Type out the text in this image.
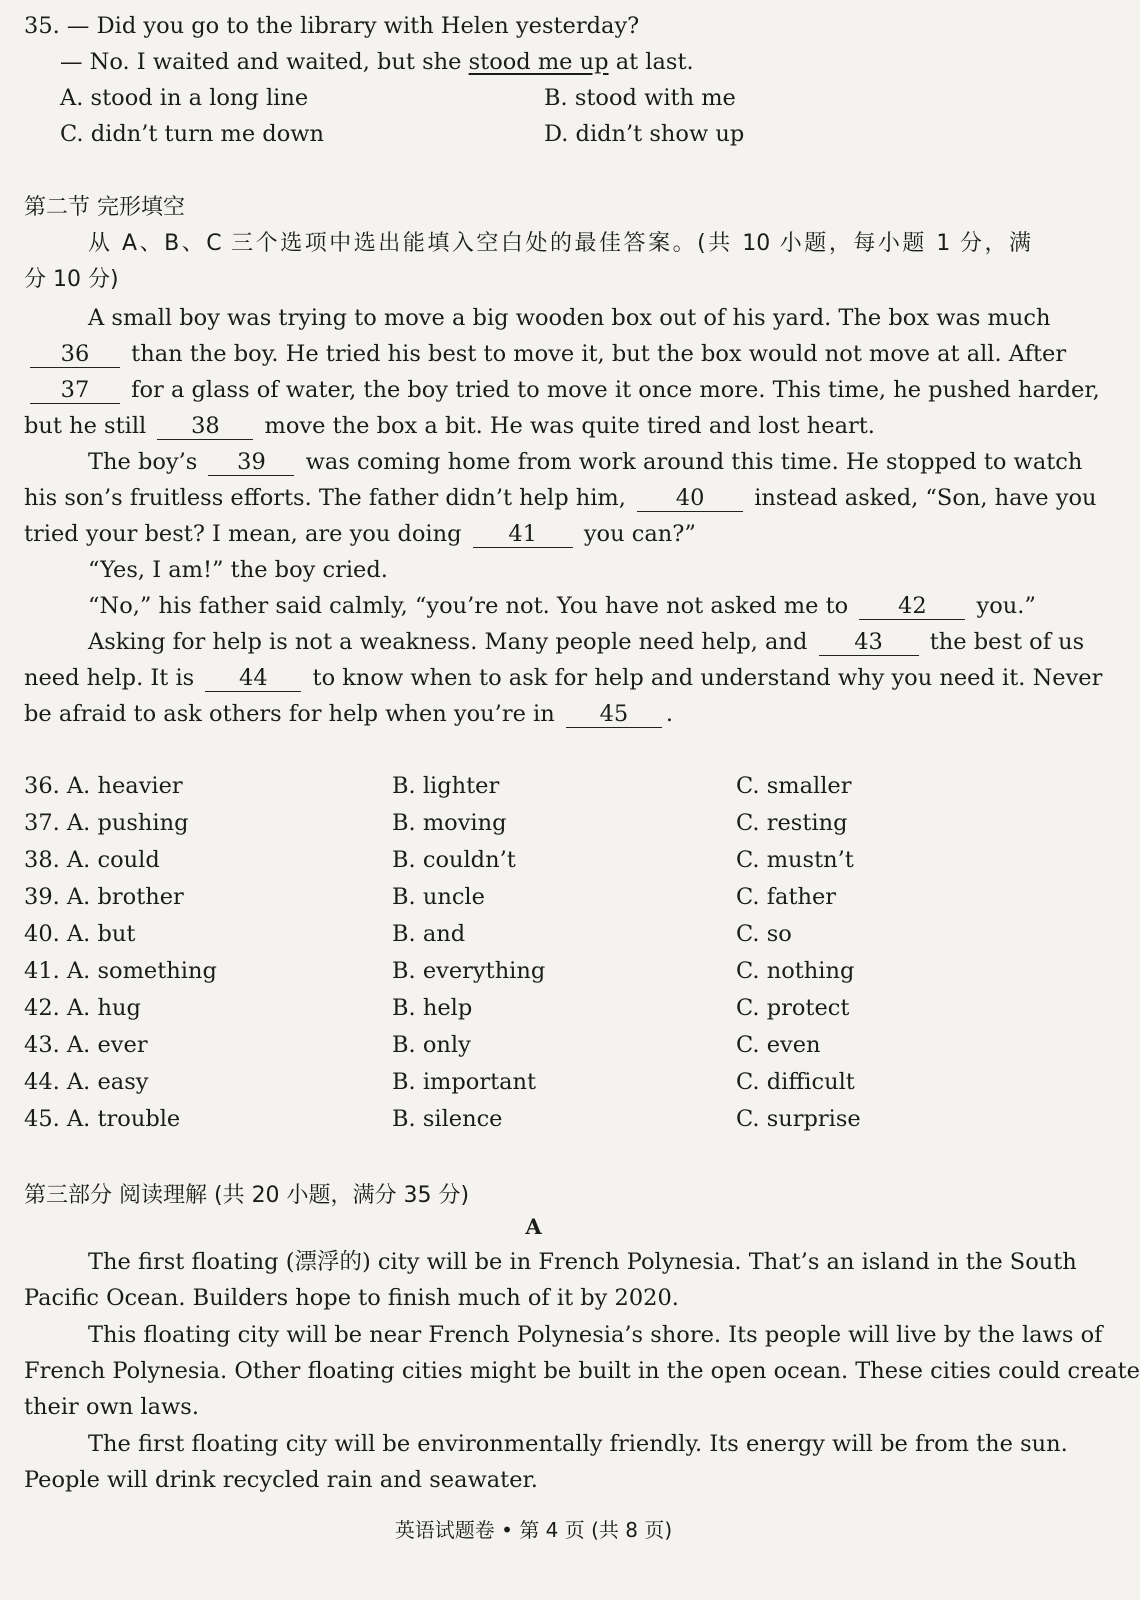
35. — Did you go to the library with Helen yesterday?
— No. I waited and waited, but she stood me up at last.
A. stood in a long line	B. stood with me
C. didn’t turn me down	D. didn’t show up
第二节 完形填空
从 A、B、C 三个选项中选出能填入空白处的最佳答案。(共 10 小题，每小题 1 分，满
分 10 分)
A small boy was trying to move a big wooden box out of his yard. The box was much
36 than the boy. He tried his best to move it, but the box would not move at all. After
37 for a glass of water, the boy tried to move it once more. This time, he pushed harder,
but he still 38 move the box a bit. He was quite tired and lost heart.
The boy’s 39 was coming home from work around this time. He stopped to watch
his son’s fruitless efforts. The father didn’t help him, 40 instead asked, “Son, have you
tried your best? I mean, are you doing 41 you can?”
“Yes, I am!” the boy cried.
“No,” his father said calmly, “you’re not. You have not asked me to 42 you.”
Asking for help is not a weakness. Many people need help, and 43 the best of us
need help. It is 44 to know when to ask for help and understand why you need it. Never
be afraid to ask others for help when you’re in 45 .
36. A. heavier	B. lighter	C. smaller
37. A. pushing	B. moving	C. resting
38. A. could	B. couldn’t	C. mustn’t
39. A. brother	B. uncle	C. father
40. A. but	B. and	C. so
41. A. something	B. everything	C. nothing
42. A. hug	B. help	C. protect
43. A. ever	B. only	C. even
44. A. easy	B. important	C. difficult
45. A. trouble	B. silence	C. surprise
第三部分 阅读理解 (共 20 小题，满分 35 分)
A
The first floating (漂浮的) city will be in French Polynesia. That’s an island in the South
Pacific Ocean. Builders hope to finish much of it by 2020.
This floating city will be near French Polynesia’s shore. Its people will live by the laws of
French Polynesia. Other floating cities might be built in the open ocean. These cities could create
their own laws.
The first floating city will be environmentally friendly. Its energy will be from the sun.
People will drink recycled rain and seawater.
英语试题卷 • 第 4 页 (共 8 页)
